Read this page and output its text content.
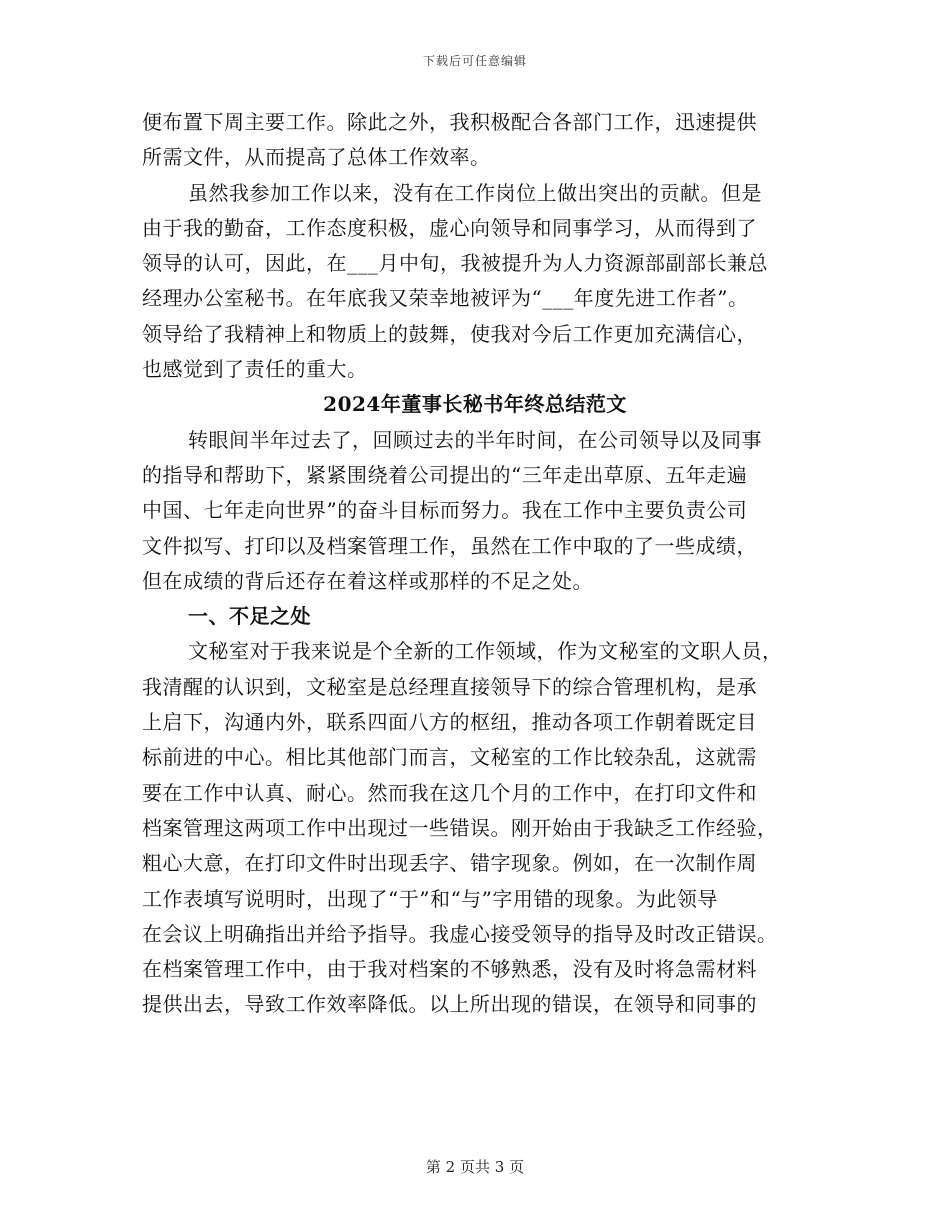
下载后可任意编辑
便布置下周主要工作。除此之外，我积极配合各部门工作，迅速提供
所需文件，从而提高了总体工作效率。
虽然我参加工作以来，没有在工作岗位上做出突出的贡献。但是
由于我的勤奋，工作态度积极，虚心向领导和同事学习，从而得到了
领导的认可，因此，在___月中旬，我被提升为人力资源部副部长兼总
经理办公室秘书。在年底我又荣幸地被评为“___年度先进工作者”。
领导给了我精神上和物质上的鼓舞，使我对今后工作更加充满信心，
也感觉到了责任的重大。
2024年董事长秘书年终总结范文
转眼间半年过去了，回顾过去的半年时间，在公司领导以及同事
的指导和帮助下，紧紧围绕着公司提出的“三年走出草原、五年走遍
中国、七年走向世界”的奋斗目标而努力。我在工作中主要负责公司
文件拟写、打印以及档案管理工作，虽然在工作中取的了一些成绩，
但在成绩的背后还存在着这样或那样的不足之处。
一、不足之处
文秘室对于我来说是个全新的工作领域，作为文秘室的文职人员，
我清醒的认识到，文秘室是总经理直接领导下的综合管理机构，是承
上启下，沟通内外，联系四面八方的枢纽，推动各项工作朝着既定目
标前进的中心。相比其他部门而言，文秘室的工作比较杂乱，这就需
要在工作中认真、耐心。然而我在这几个月的工作中，在打印文件和
档案管理这两项工作中出现过一些错误。刚开始由于我缺乏工作经验，
粗心大意，在打印文件时出现丢字、错字现象。例如，在一次制作周
工作表填写说明时，出现了“于”和“与”字用错的现象。为此领导
在会议上明确指出并给予指导。我虚心接受领导的指导及时改正错误。
在档案管理工作中，由于我对档案的不够熟悉，没有及时将急需材料
提供出去，导致工作效率降低。以上所出现的错误，在领导和同事的
第 2 页共 3 页
